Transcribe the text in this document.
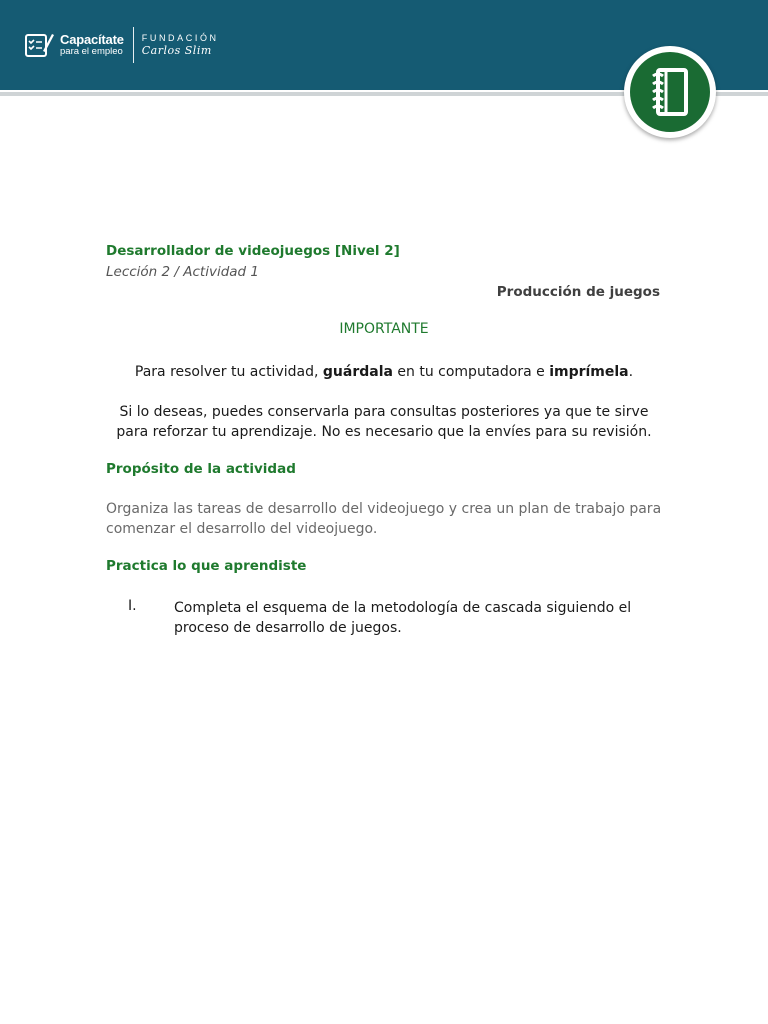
Capacítate
para el empleo
FUNDACIÓN
Carlos Slim
Desarrollador de videojuegos [Nivel 2]
Lección 2 / Actividad 1
Producción de juegos
IMPORTANTE
Para resolver tu actividad, guárdala en tu computadora e imprímela.
Si lo deseas, puedes conservarla para consultas posteriores ya que te sirve para reforzar tu aprendizaje. No es necesario que la envíes para su revisión.
Propósito de la actividad
Organiza las tareas de desarrollo del videojuego y crea un plan de trabajo para comenzar el desarrollo del videojuego.
Practica lo que aprendiste
I.	Completa el esquema de la metodología de cascada siguiendo el proceso de desarrollo de juegos.
